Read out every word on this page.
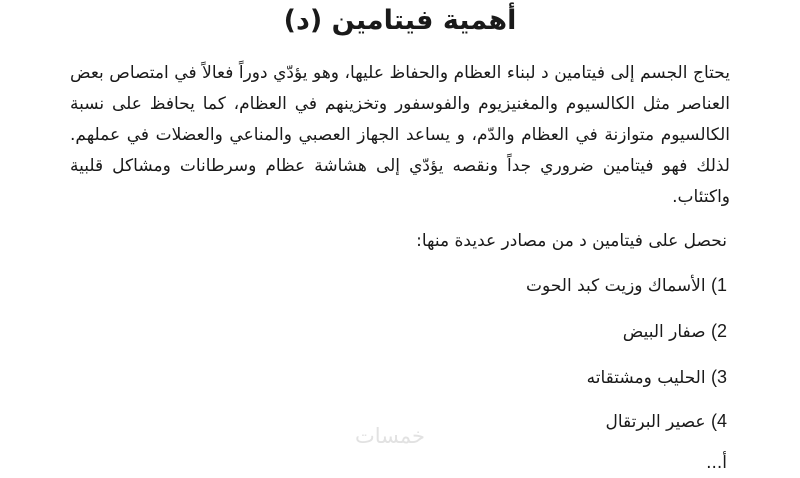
أهمية فيتامين (د)

يحتاج الجسم إلى فيتامين د لبناء العظام والحفاظ عليها، وهو يؤدّي دوراً فعالاً في امتصاص بعض العناصر مثل الكالسيوم والمغنيزيوم والفوسفور وتخزينهم في العظام، كما يحافظ على نسبة الكالسيوم متوازنة في العظام والدّم، و يساعد الجهاز العصبي والمناعي والعضلات في عملهم. لذلك فهو فيتامين ضروري جداً ونقصه يؤدّي إلى هشاشة عظام وسرطانات ومشاكل قلبية واكتئاب.

نحصل على فيتامين د من مصادر عديدة منها:

1) الأسماك وزيت كبد الحوت
2) صفار البيض
3) الحليب ومشتقاته
4) عصير البرتقال
خمسات

أ...
